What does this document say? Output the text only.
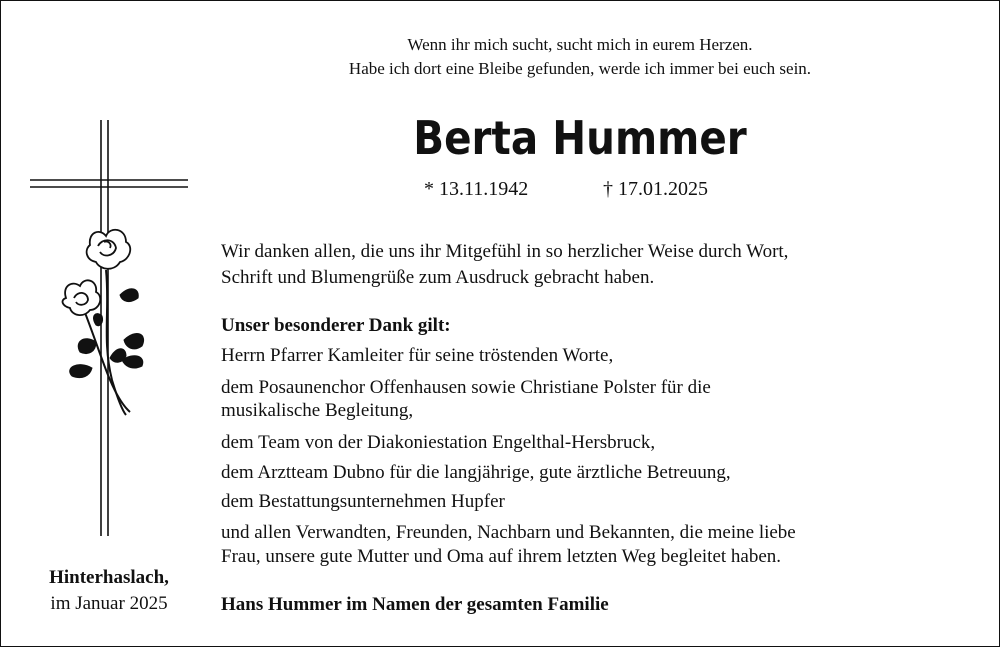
Wenn ihr mich sucht, sucht mich in eurem Herzen.
Habe ich dort eine Bleibe gefunden, werde ich immer bei euch sein.
Berta Hummer
* 13.11.1942	† 17.01.2025
Wir danken allen, die uns ihr Mitgefühl in so herzlicher Weise durch Wort,
Schrift und Blumengrüße zum Ausdruck gebracht haben.
Unser besonderer Dank gilt:
Herrn Pfarrer Kamleiter für seine tröstenden Worte,
dem Posaunenchor Offenhausen sowie Christiane Polster für die
musikalische Begleitung,
dem Team von der Diakoniestation Engelthal-Hersbruck,
dem Arztteam Dubno für die langjährige, gute ärztliche Betreuung,
dem Bestattungsunternehmen Hupfer
und allen Verwandten, Freunden, Nachbarn und Bekannten, die meine liebe
Frau, unsere gute Mutter und Oma auf ihrem letzten Weg begleitet haben.
Hans Hummer im Namen der gesamten Familie
Hinterhaslach,
im Januar 2025
